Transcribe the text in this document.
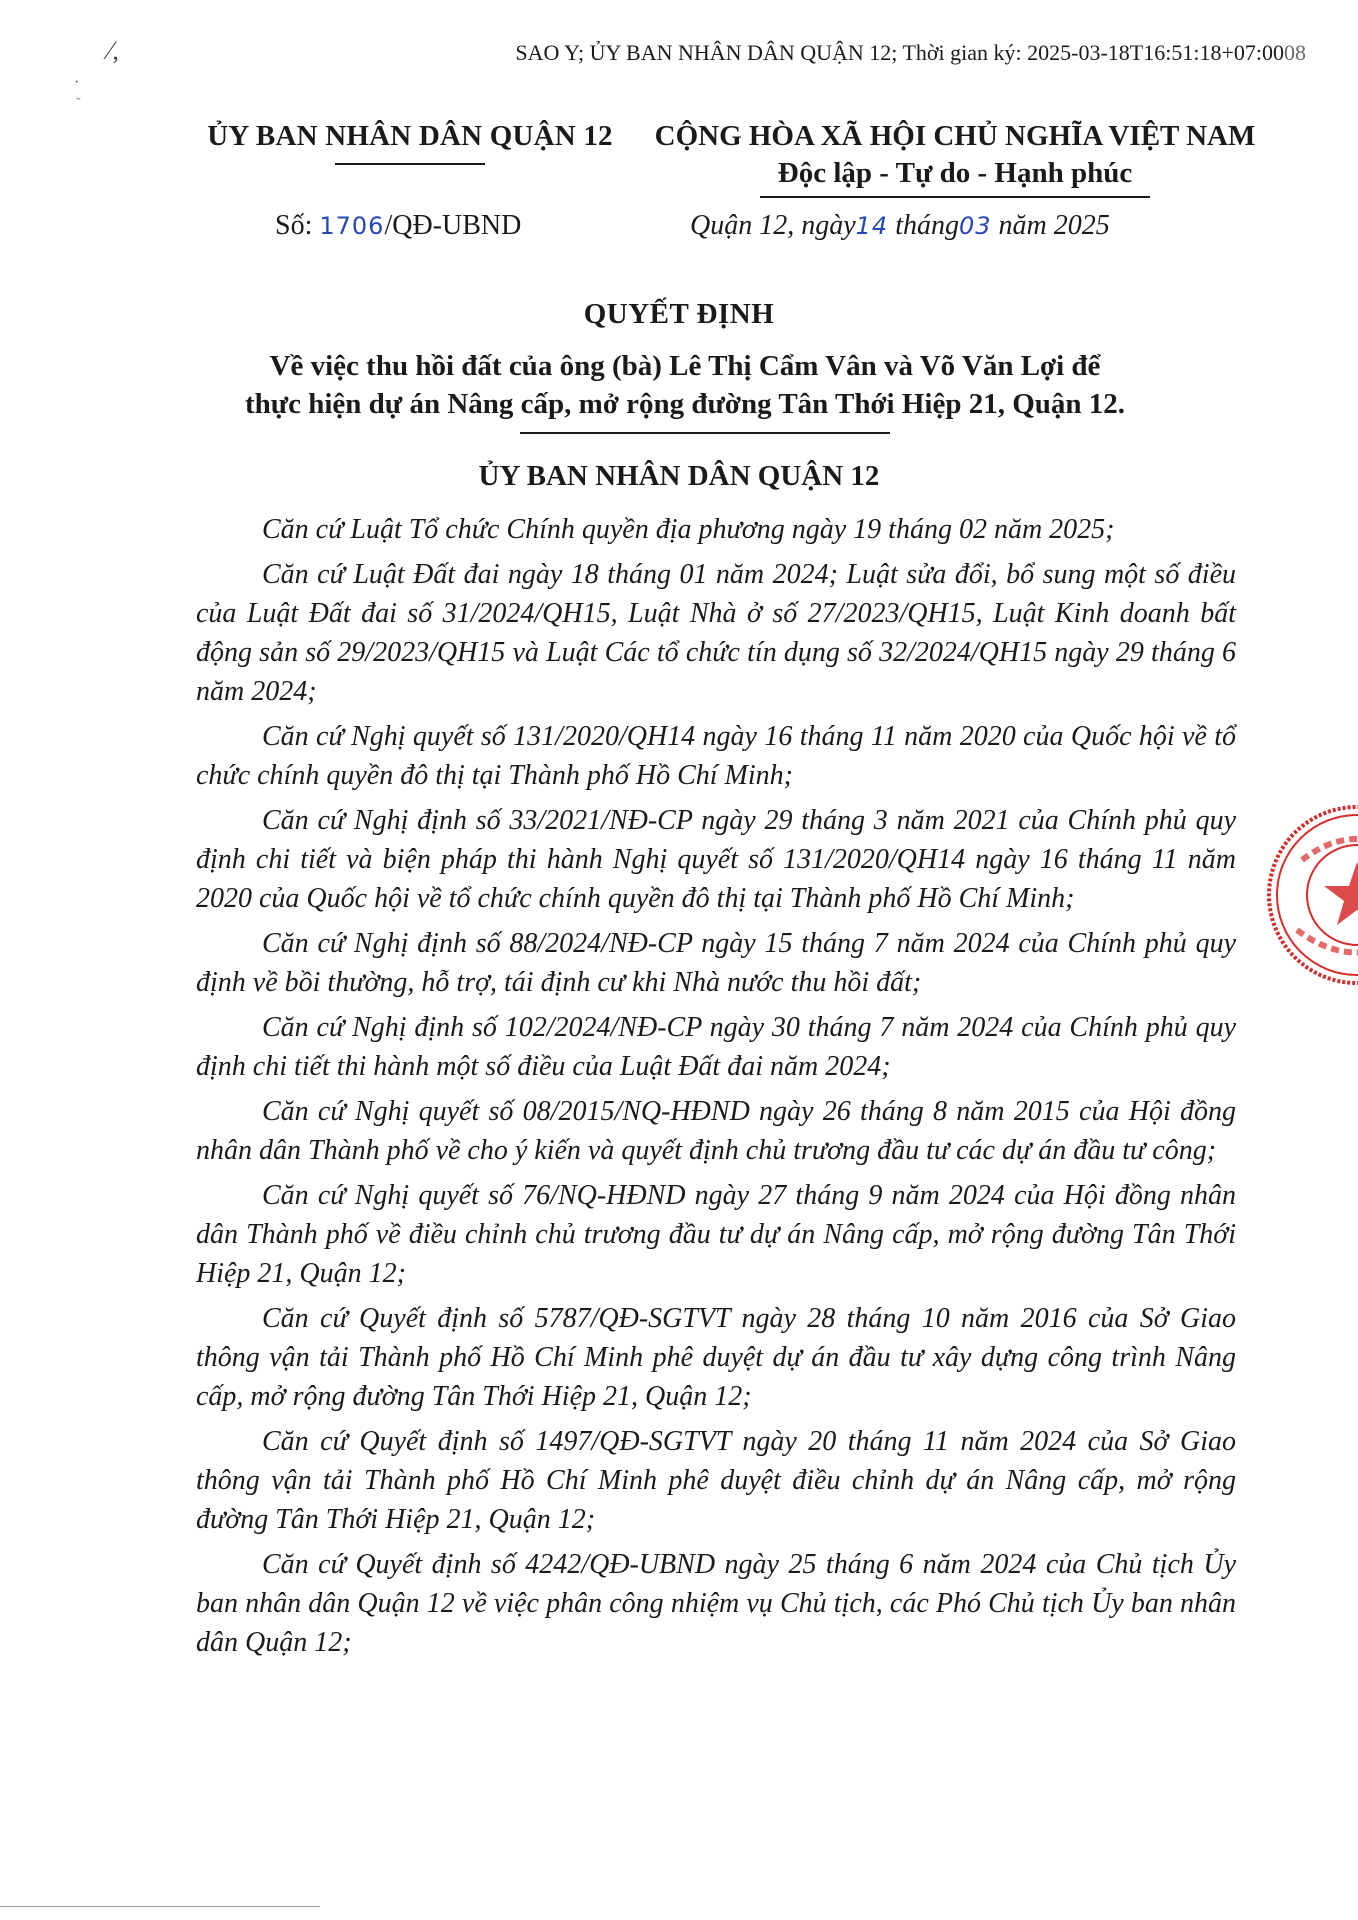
⁄,
·
ˇ
SAO Y; ỦY BAN NHÂN DÂN QUẬN 12; Thời gian ký: 2025-03-18T16:51:18+07:0008
ỦY BAN NHÂN DÂN QUẬN 12	CỘNG HÒA XÃ HỘI CHỦ NGHĨA VIỆT NAM
Độc lập - Tự do - Hạnh phúc
Số: 1706/QĐ-UBND	Quận 12, ngày14 tháng03 năm 2025
QUYẾT ĐỊNH
Về việc thu hồi đất của ông (bà) Lê Thị Cẩm Vân và Võ Văn Lợi để
thực hiện dự án Nâng cấp, mở rộng đường Tân Thới Hiệp 21, Quận 12.
ỦY BAN NHÂN DÂN QUẬN 12

Căn cứ Luật Tổ chức Chính quyền địa phương ngày 19 tháng 02 năm 2025;

Căn cứ Luật Đất đai ngày 18 tháng 01 năm 2024; Luật sửa đổi, bổ sung một số điều của Luật Đất đai số 31/2024/QH15, Luật Nhà ở số 27/2023/QH15, Luật Kinh doanh bất động sản số 29/2023/QH15 và Luật Các tổ chức tín dụng số 32/2024/QH15 ngày 29 tháng 6 năm 2024;

Căn cứ Nghị quyết số 131/2020/QH14 ngày 16 tháng 11 năm 2020 của Quốc hội về tổ chức chính quyền đô thị tại Thành phố Hồ Chí Minh;

Căn cứ Nghị định số 33/2021/NĐ-CP ngày 29 tháng 3 năm 2021 của Chính phủ quy định chi tiết và biện pháp thi hành Nghị quyết số 131/2020/QH14 ngày 16 tháng 11 năm 2020 của Quốc hội về tổ chức chính quyền đô thị tại Thành phố Hồ Chí Minh;

Căn cứ Nghị định số 88/2024/NĐ-CP ngày 15 tháng 7 năm 2024 của Chính phủ quy định về bồi thường, hỗ trợ, tái định cư khi Nhà nước thu hồi đất;

Căn cứ Nghị định số 102/2024/NĐ-CP ngày 30 tháng 7 năm 2024 của Chính phủ quy định chi tiết thi hành một số điều của Luật Đất đai năm 2024;

Căn cứ Nghị quyết số 08/2015/NQ-HĐND ngày 26 tháng 8 năm 2015 của Hội đồng nhân dân Thành phố về cho ý kiến và quyết định chủ trương đầu tư các dự án đầu tư công;

Căn cứ Nghị quyết số 76/NQ-HĐND ngày 27 tháng 9 năm 2024 của Hội đồng nhân dân Thành phố về điều chỉnh chủ trương đầu tư dự án Nâng cấp, mở rộng đường Tân Thới Hiệp 21, Quận 12;

Căn cứ Quyết định số 5787/QĐ-SGTVT ngày 28 tháng 10 năm 2016 của Sở Giao thông vận tải Thành phố Hồ Chí Minh phê duyệt dự án đầu tư xây dựng công trình Nâng cấp, mở rộng đường Tân Thới Hiệp 21, Quận 12;

Căn cứ Quyết định số 1497/QĐ-SGTVT ngày 20 tháng 11 năm 2024 của Sở Giao thông vận tải Thành phố Hồ Chí Minh phê duyệt điều chỉnh dự án Nâng cấp, mở rộng đường Tân Thới Hiệp 21, Quận 12;

Căn cứ Quyết định số 4242/QĐ-UBND ngày 25 tháng 6 năm 2024 của Chủ tịch Ủy ban nhân dân Quận 12 về việc phân công nhiệm vụ Chủ tịch, các Phó Chủ tịch Ủy ban nhân dân Quận 12;
